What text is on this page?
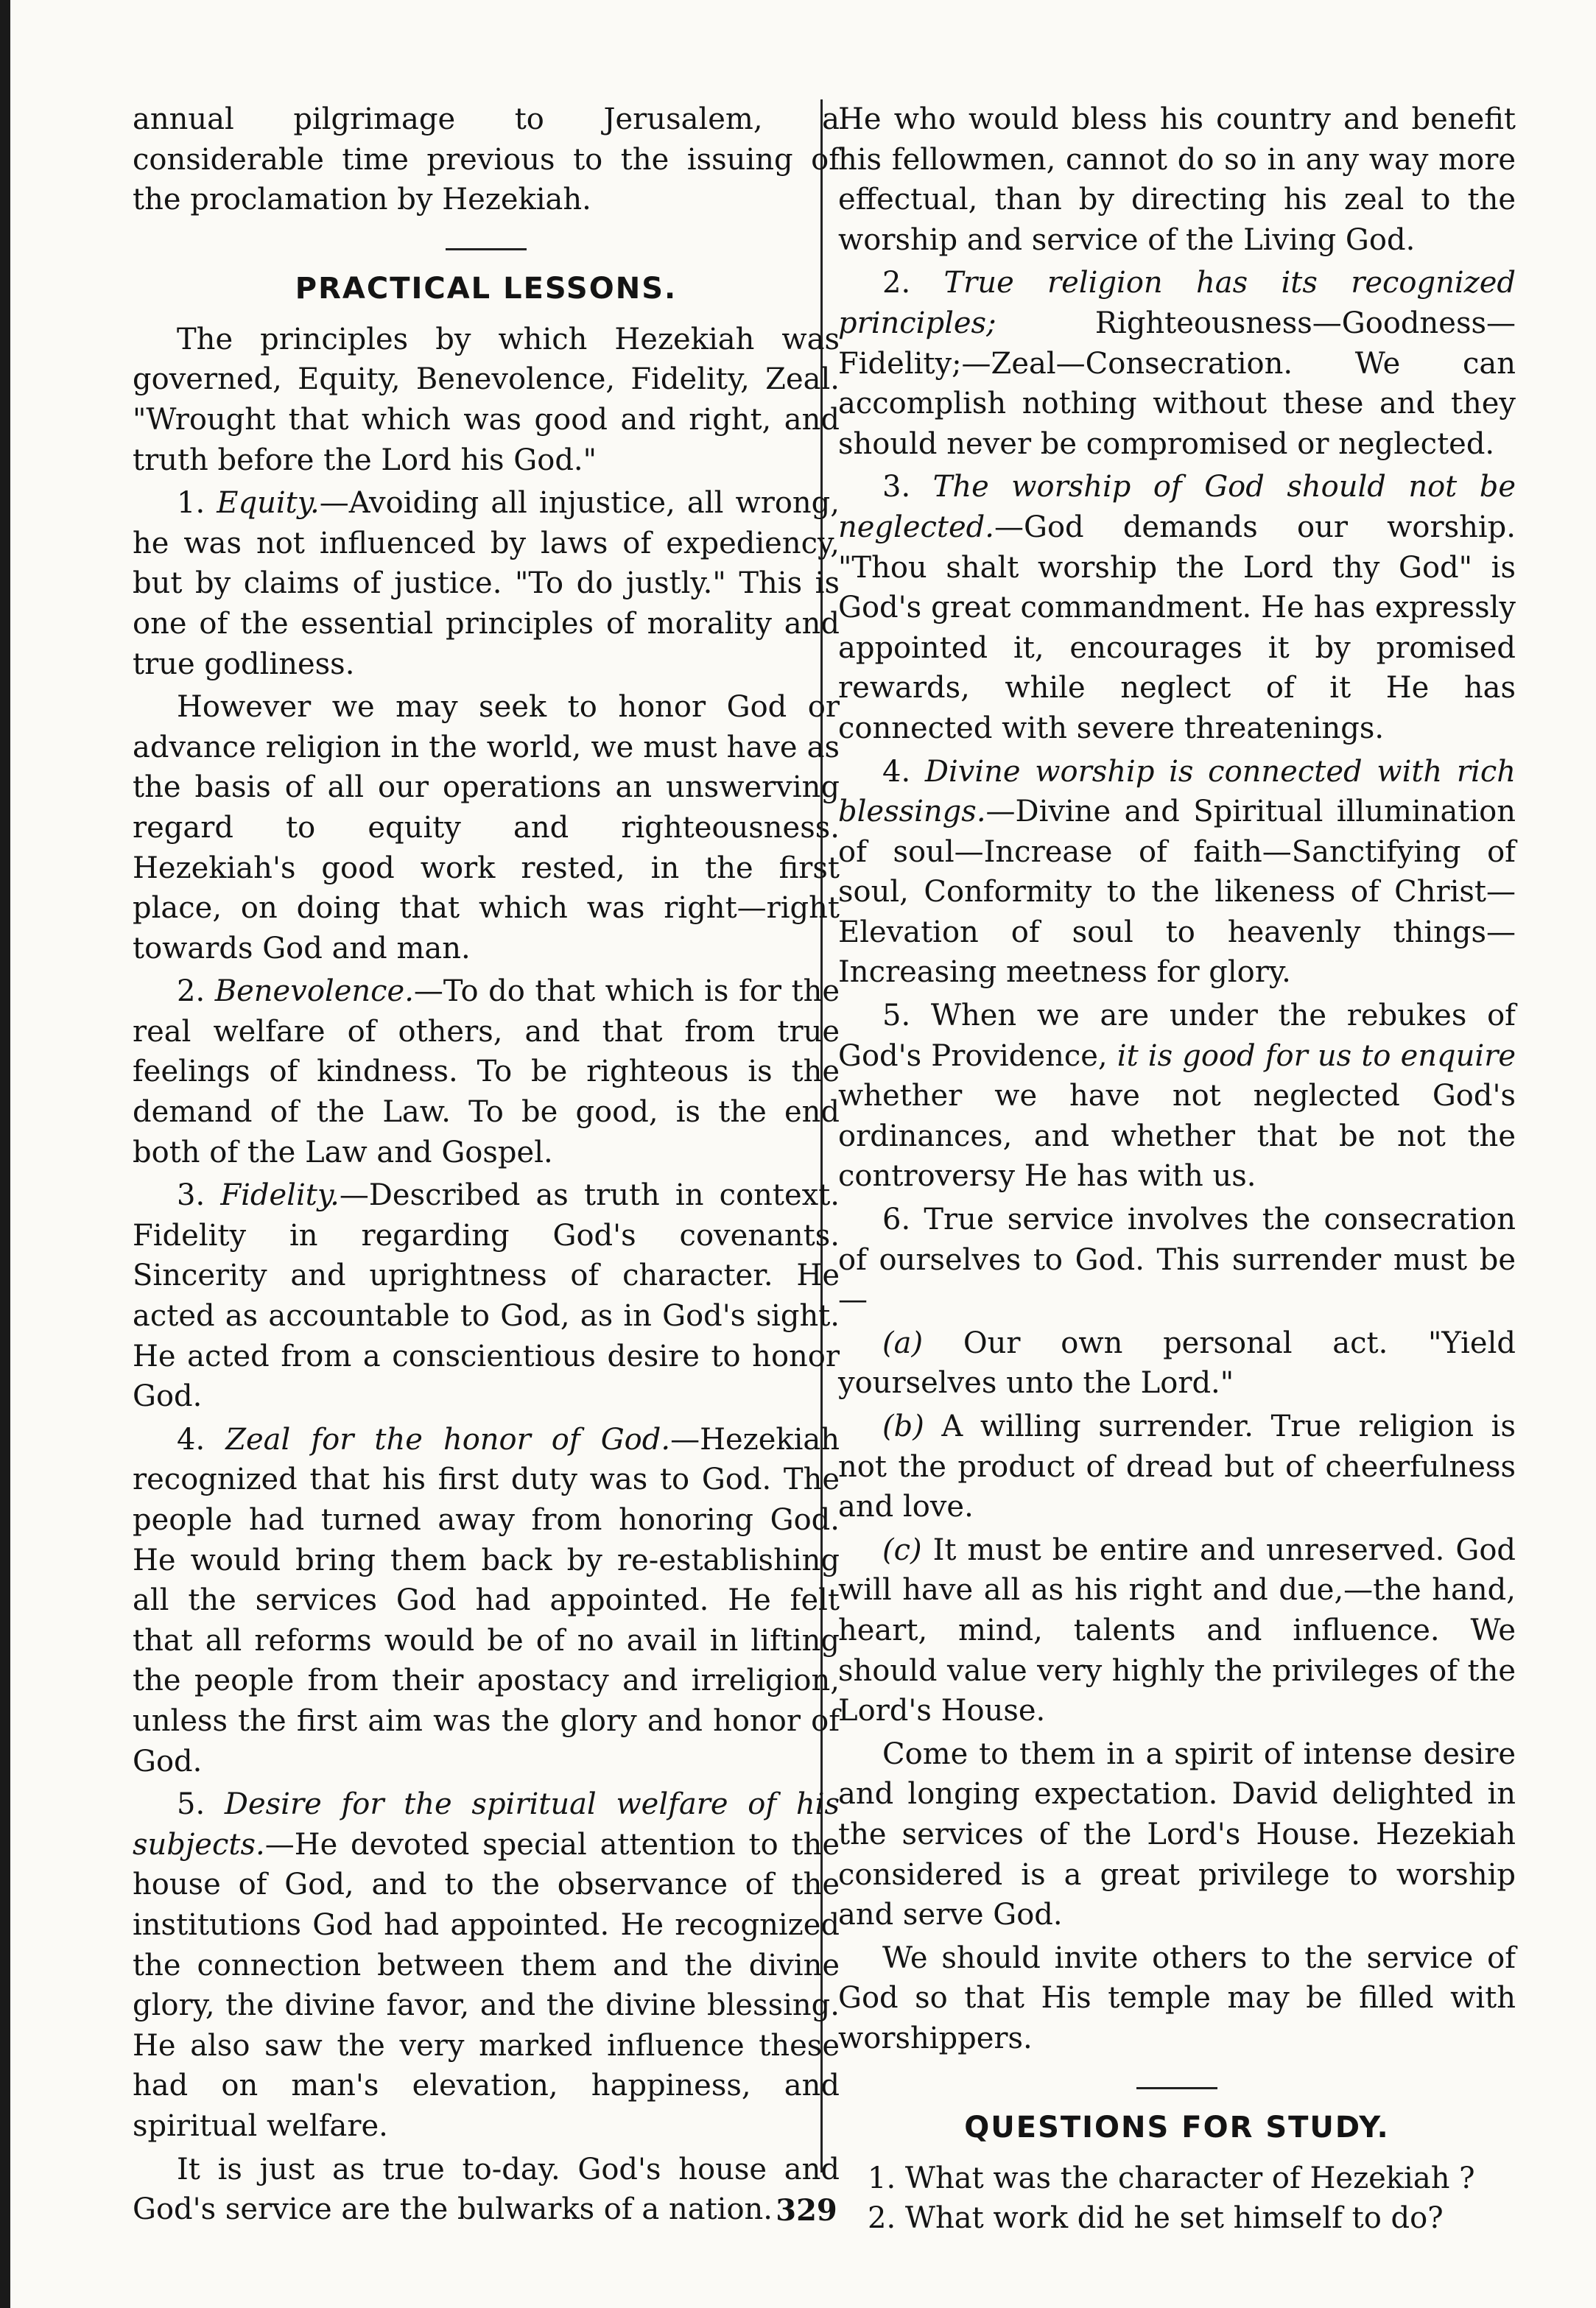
annual pilgrimage to Jerusalem, a considerable time previous to the issuing of the proclamation by Hezekiah.

PRACTICAL LESSONS.

The principles by which Hezekiah was governed, Equity, Benevolence, Fidelity, Zeal. "Wrought that which was good and right, and truth before the Lord his God."

1. Equity.—Avoiding all injustice, all wrong, he was not influenced by laws of expediency, but by claims of justice. "To do justly." This is one of the essential principles of morality and true godliness.

However we may seek to honor God or advance religion in the world, we must have as the basis of all our operations an unswerving regard to equity and righteousness. Hezekiah's good work rested, in the first place, on doing that which was right—right towards God and man.

2. Benevolence.—To do that which is for the real welfare of others, and that from true feelings of kindness. To be righteous is the demand of the Law. To be good, is the end both of the Law and Gospel.

3. Fidelity.—Described as truth in context. Fidelity in regarding God's covenants. Sincerity and uprightness of character. He acted as accountable to God, as in God's sight. He acted from a conscientious desire to honor God.

4. Zeal for the honor of God.—Hezekiah recognized that his first duty was to God. The people had turned away from honoring God. He would bring them back by re-establishing all the services God had appointed. He felt that all reforms would be of no avail in lifting the people from their apostacy and irreligion, unless the first aim was the glory and honor of God.

5. Desire for the spiritual welfare of his subjects.—He devoted special attention to the house of God, and to the observance of the institutions God had appointed. He recognized the connection between them and the divine glory, the divine favor, and the divine blessing. He also saw the very marked influence these had on man's elevation, happiness, and spiritual welfare.

It is just as true to-day. God's house and God's service are the bulwarks of a nation.

He who would bless his country and benefit his fellowmen, cannot do so in any way more effectual, than by directing his zeal to the worship and service of the Living God.

2. True religion has its recognized principles; Righteousness—Goodness—Fidelity;—Zeal—Consecration. We can accomplish nothing without these and they should never be compromised or neglected.

3. The worship of God should not be neglected.—God demands our worship. "Thou shalt worship the Lord thy God" is God's great commandment. He has expressly appointed it, encourages it by promised rewards, while neglect of it He has connected with severe threatenings.

4. Divine worship is connected with rich blessings.—Divine and Spiritual illumination of soul—Increase of faith—Sanctifying of soul, Conformity to the likeness of Christ—Elevation of soul to heavenly things—Increasing meetness for glory.

5. When we are under the rebukes of God's Providence, it is good for us to enquire whether we have not neglected God's ordinances, and whether that be not the controversy He has with us.

6. True service involves the consecration of ourselves to God. This surrender must be—

(a) Our own personal act. "Yield yourselves unto the Lord."

(b) A willing surrender. True religion is not the product of dread but of cheerfulness and love.

(c) It must be entire and unreserved. God will have all as his right and due,—the hand, heart, mind, talents and influence. We should value very highly the privileges of the Lord's House.

Come to them in a spirit of intense desire and longing expectation. David delighted in the services of the Lord's House. Hezekiah considered is a great privilege to worship and serve God.

We should invite others to the service of God so that His temple may be filled with worshippers.

QUESTIONS FOR STUDY.

1. What was the character of Hezekiah ?

2. What work did he set himself to do?

329
